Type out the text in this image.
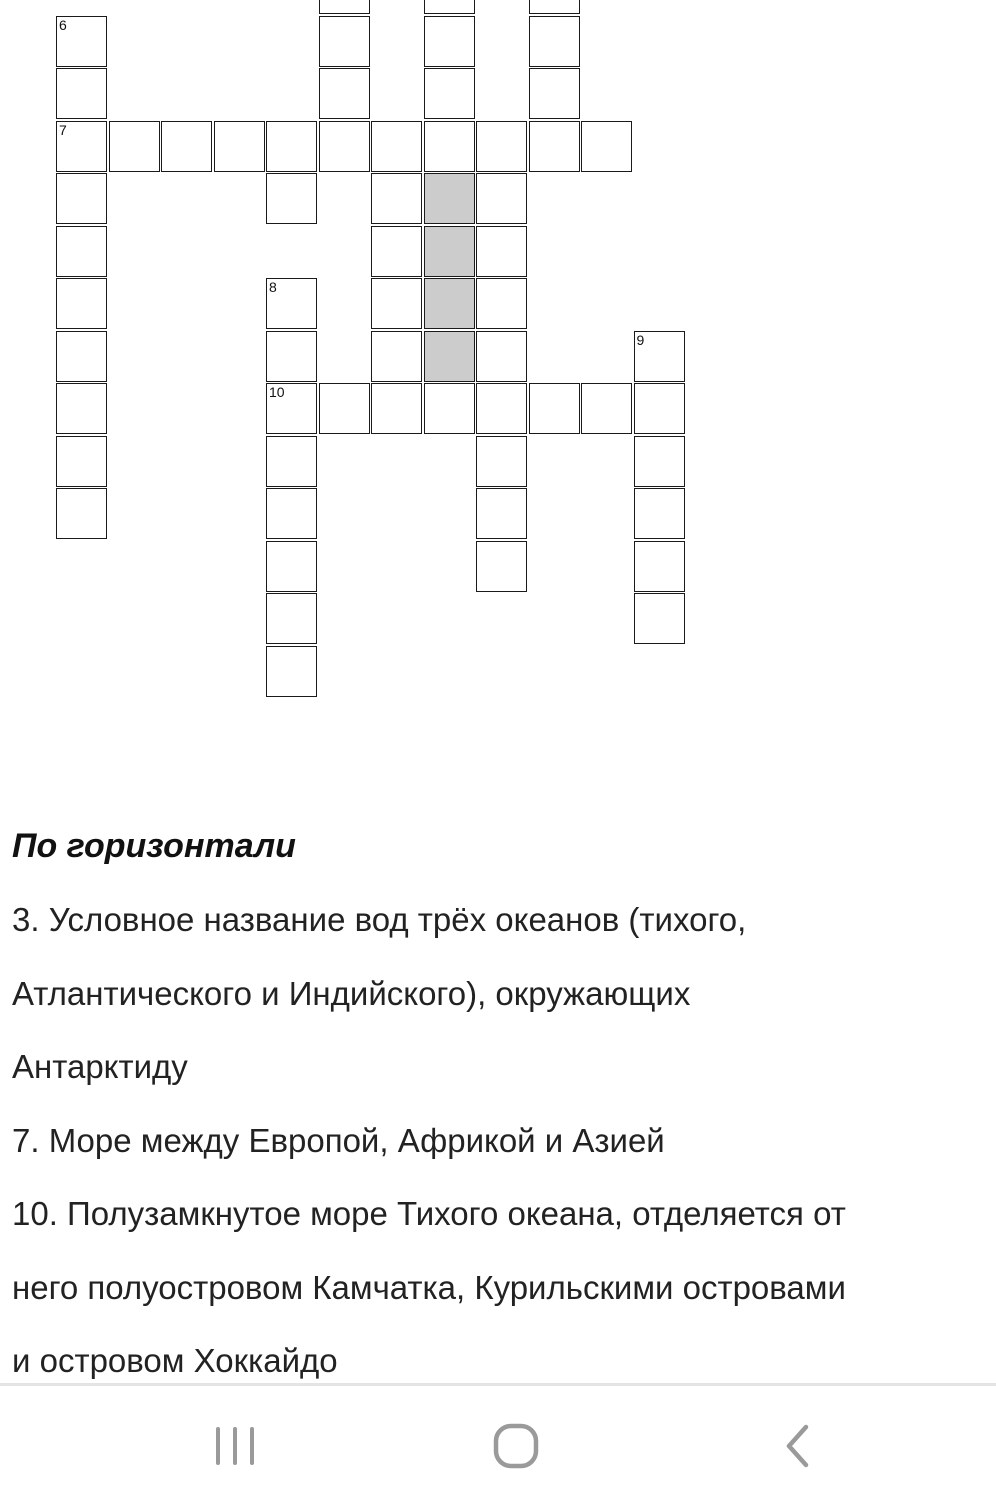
6
7
8
9
10
По горизонтали
3. Условное название вод трёх океанов (тихого,
Атлантического и Индийского), окружающих
Антарктиду
7. Море между Европой, Африкой и Азией
10. Полузамкнутое море Тихого океана, отделяется от
него полуостровом Камчатка, Курильскими островами
и островом Хоккайдо
